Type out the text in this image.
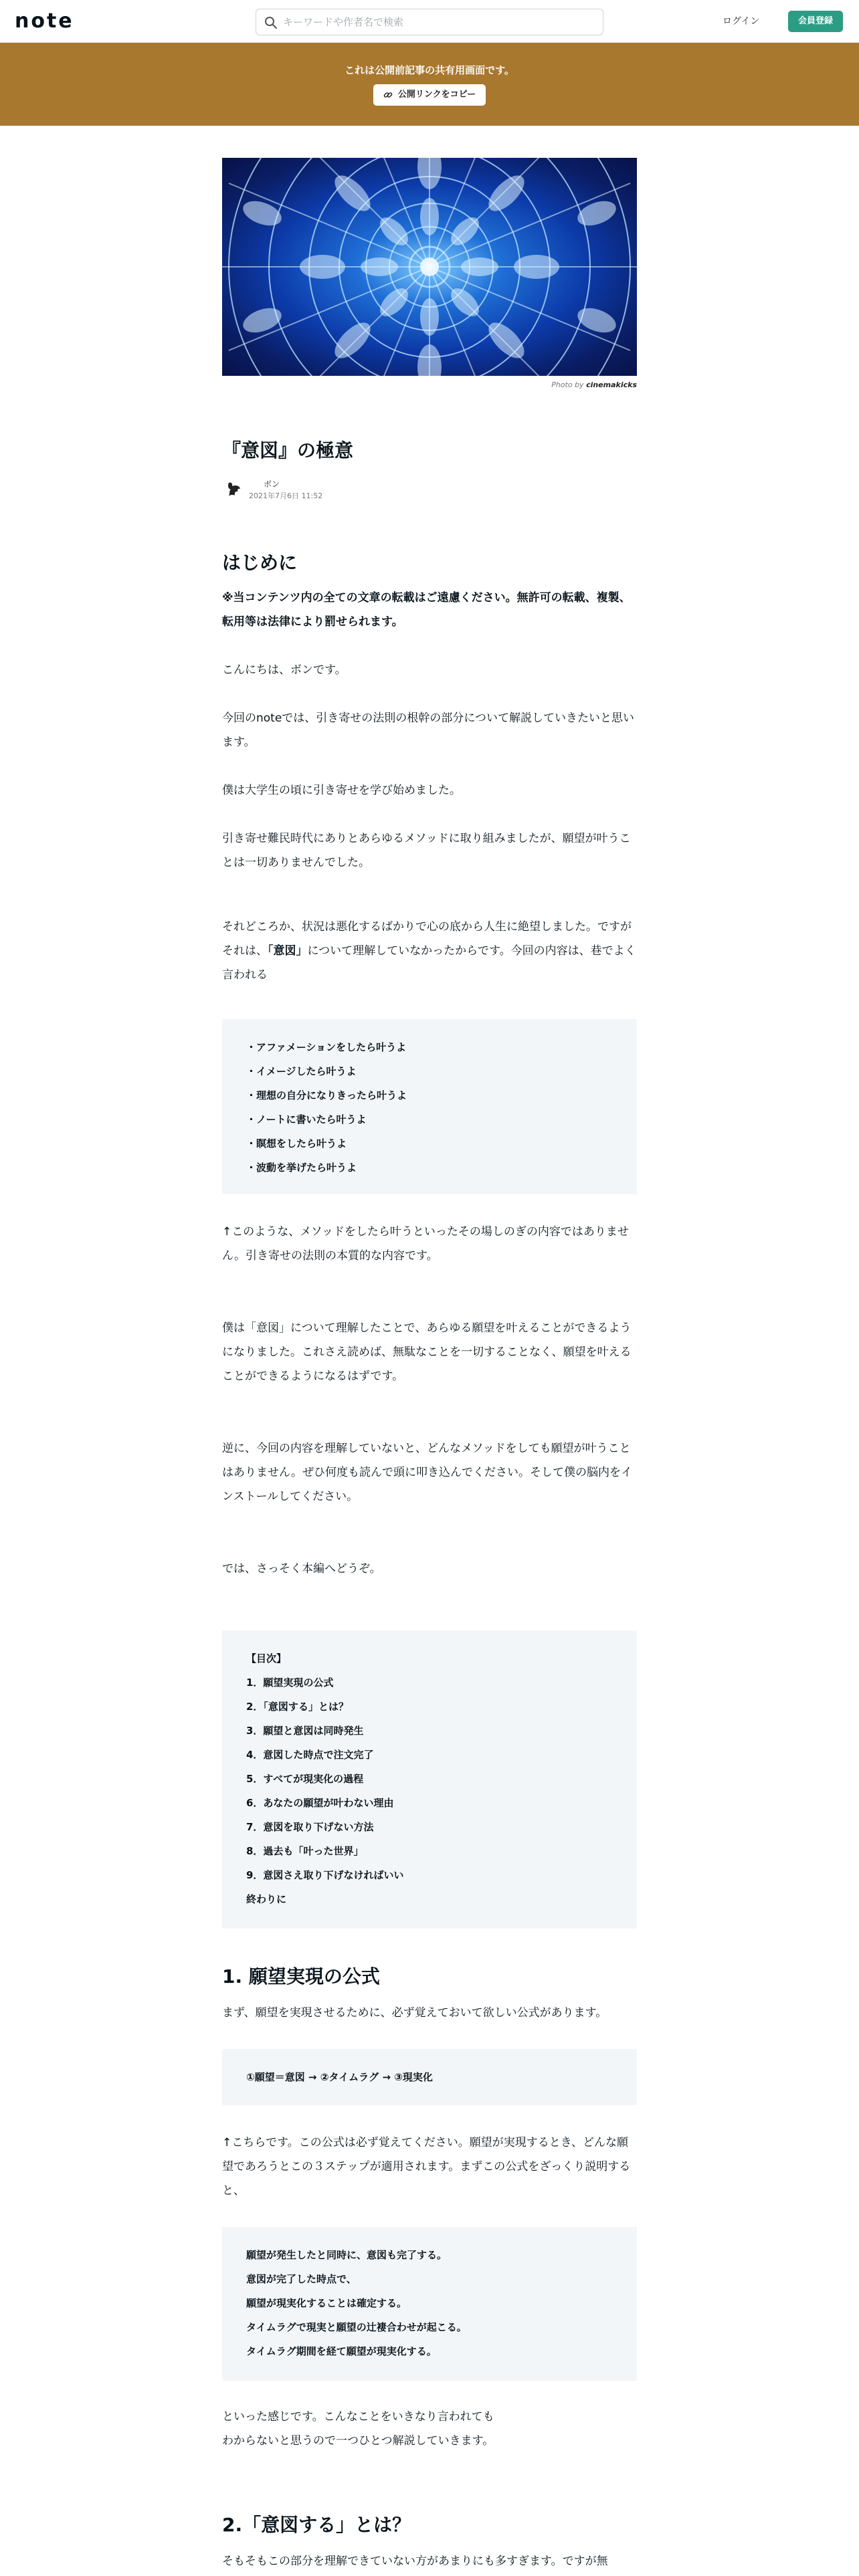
note
キーワードや作者名で検索	ログイン	会員登録
これは公開前記事の共有用画面です。
公開リンクをコピー
Photo by cinemakicks
『意図』の極意
ボン
2021年7月6日 11:52
はじめに
※当コンテンツ内の全ての文章の転載はご遠慮ください。無許可の転載、複製、転用等は法律により罰せられます。
こんにちは、ボンです。
今回のnoteでは、引き寄せの法則の根幹の部分について解説していきたいと思います。
僕は大学生の頃に引き寄せを学び始めました。
引き寄せ難民時代にありとあらゆるメソッドに取り組みましたが、願望が叶うことは一切ありませんでした。
それどころか、状況は悪化するばかりで心の底から人生に絶望しました。ですがそれは、「意図」について理解していなかったからです。今回の内容は、巷でよく言われる
・アファメーションをしたら叶うよ
・イメージしたら叶うよ
・理想の自分になりきったら叶うよ
・ノートに書いたら叶うよ
・瞑想をしたら叶うよ
・波動を挙げたら叶うよ
↑このような、メソッドをしたら叶うといったその場しのぎの内容ではありません。引き寄せの法則の本質的な内容です。
僕は「意図」について理解したことで、あらゆる願望を叶えることができるようになりました。これさえ読めば、無駄なことを一切することなく、願望を叶えることができるようになるはずです。
逆に、今回の内容を理解していないと、どんなメソッドをしても願望が叶うことはありません。ぜひ何度も読んで頭に叩き込んでください。そして僕の脳内をインストールしてください。
では、さっそく本編へどうぞ。
【目次】
1．願望実現の公式
2．「意図する」とは？
3．願望と意図は同時発生
4．意図した時点で注文完了
5．すべてが現実化の過程
6．あなたの願望が叶わない理由
7．意図を取り下げない方法
8．過去も「叶った世界」
9．意図さえ取り下げなければいい
終わりに
1. 願望実現の公式
まず、願望を実現させるために、必ず覚えておいて欲しい公式があります。
①願望＝意図 → ②タイムラグ → ③現実化
↑こちらです。この公式は必ず覚えてください。願望が実現するとき、どんな願望であろうとこの３ステップが適用されます。まずこの公式をざっくり説明すると、
願望が発生したと同時に、意図も完了する。
意図が完了した時点で、
願望が現実化することは確定する。
タイムラグで現実と願望の辻褄合わせが起こる。
タイムラグ期間を経て願望が現実化する。
といった感じです。こんなことをいきなり言われても
わからないと思うので一つひとつ解説していきます。
2.「意図する」とは？
そもそもこの部分を理解できていない方があまりにも多すぎます。ですが無
